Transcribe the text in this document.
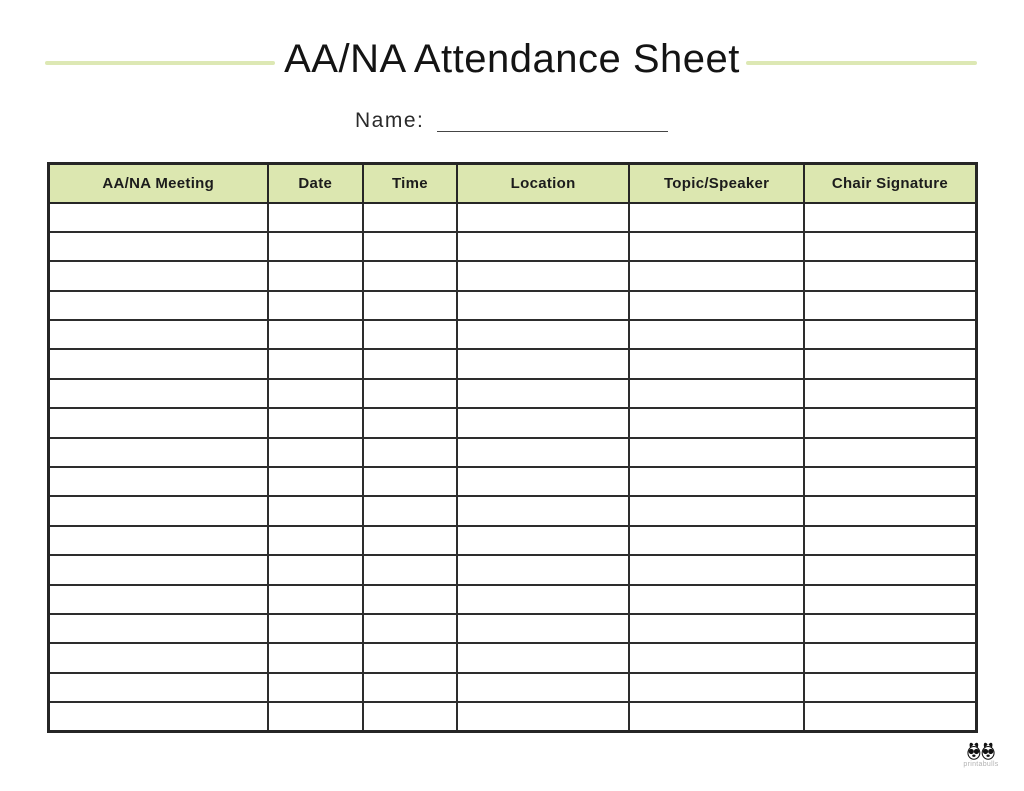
AA/NA Attendance Sheet
Name:
AA/NA Meeting	Date	Time	Location	Topic/Speaker	Chair Signature

printabulls
